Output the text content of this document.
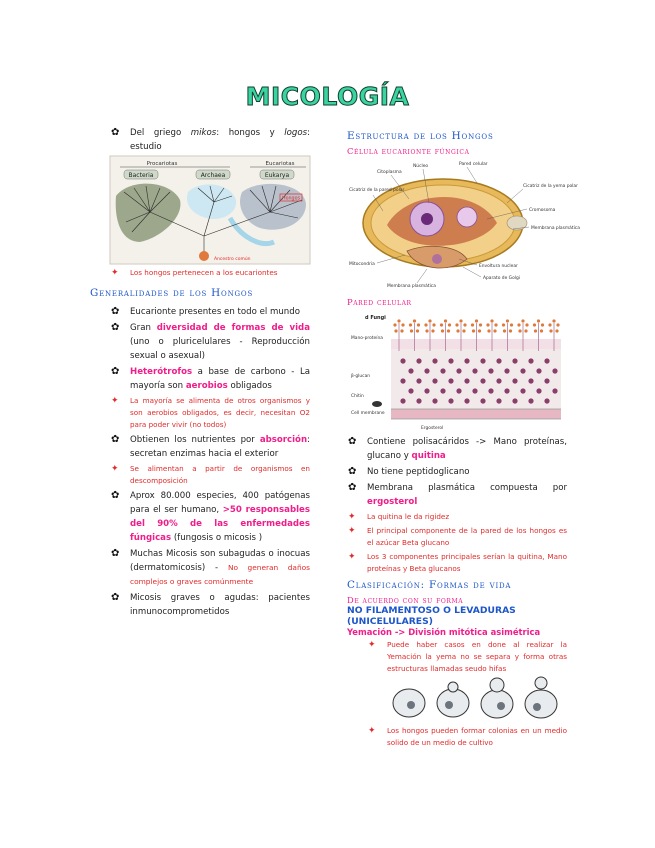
MICOLOGÍA
✿ Del griego mikos: hongos y logos: estudio
Procariotas	Eucariotas
Bacteria	Archaea	Eukarya
Hongos
Ancestro común
✦ Los hongos pertenecen a los eucariontes
Generalidades de los Hongos
✿ Eucarionte presentes en todo el mundo
✿ Gran diversidad de formas de vida (uno o pluricelulares - Reproducción sexual o asexual)
✿ Heterótrofos a base de carbono - La mayoría son aerobios obligados
✦ La mayoría se alimenta de otros organismos y son aerobios obligados, es decir, necesitan O2 para poder vivir (no todos)
✿ Obtienen los nutrientes por absorción: secretan enzimas hacia el exterior
✦ Se alimentan a partir de organismos en descomposición
✿ Aprox 80.000 especies, 400 patógenas para el ser humano, >50 responsables del 90% de las enfermedades fúngicas (fungosis o micosis )
✿ Muchas Micosis son subagudas o inocuas (dermatomicosis) - No generan daños complejos o graves comúnmente
✿ Micosis graves o agudas: pacientes inmunocomprometidos
Estructura de los Hongos
Célula eucarionte fúngica
Núcleo
Citoplasma
Pared celular
Cicatriz de la pared polar
Cicatriz de la yema polar
Cromosoma
Membrana plasmática
Mitocondria	Envoltura nuclear
Aparato de Golgi
Membrana plasmática
Pared celular
d Fungi
Mano-proteína
β-glucan
Chitin
Cell membrane
Ergosterol
✿ Contiene polisacáridos -> Mano proteínas, glucano y quitina
✿ No tiene peptidoglicano
✿ Membrana plasmática compuesta por ergosterol
✦ La quitina le da rigidez
✦ El principal componente de la pared de los hongos es el azúcar Beta glucano
✦ Los 3 componentes principales serían la quitina, Mano proteínas y Beta glucanos
Clasificación: Formas de vida
De acuerdo con su forma
NO FILAMENTOSO O LEVADURAS (UNICELULARES)
Yemación -> División mitótica asimétrica
✦ Puede haber casos en done al realizar la Yemación la yema no se separa y forma otras estructuras llamadas seudo hifas
✦ Los hongos pueden formar colonias en un medio solido de un medio de cultivo
